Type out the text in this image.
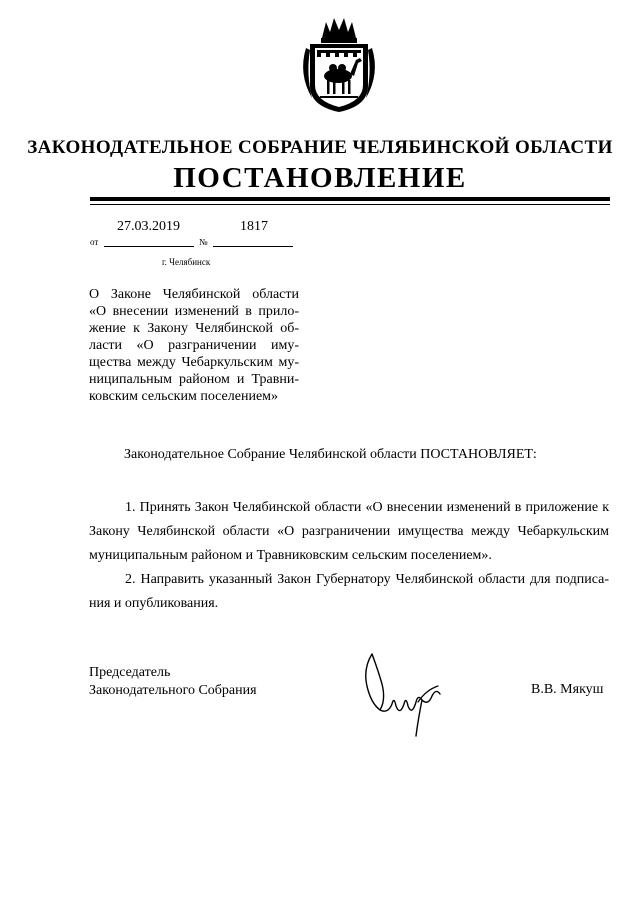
ЗАКОНОДАТЕЛЬНОЕ СОБРАНИЕ ЧЕЛЯБИНСКОЙ ОБЛАСТИ
ПОСТАНОВЛЕНИЕ
27.03.2019	1817
от	№
г. Челябинск
О Законе Челябинской области
«О внесении изменений в прило-
жение к Закону Челябинской об-
ласти «О разграничении иму-
щества между Чебаркульским му-
ниципальным районом и Травни-
ковским сельским поселением»
Законодательное Собрание Челябинской области ПОСТАНОВЛЯЕТ:
1. Принять Закон Челябинской области «О внесении изменений в приложение к
Закону Челябинской области «О разграничении имущества между Чебаркульским
муниципальным районом и Травниковским сельским поселением».
2. Направить указанный Закон Губернатору Челябинской области для подписа-
ния и опубликования.
Председатель
Законодательного Собрания	В.В. Мякуш
